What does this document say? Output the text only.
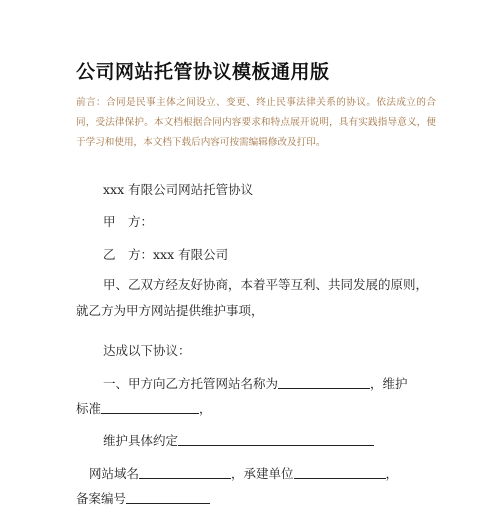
公司网站托管协议模板通用版
前言：合同是民事主体之间设立、变更、终止民事法律关系的协议。依法成立的合同，受法律保护。本文档根据合同内容要求和特点展开说明，具有实践指导意义，便于学习和使用，本文档下载后内容可按需编辑修改及打印。
xxx 有限公司网站托管协议
甲　方：
乙　方：xxx 有限公司
甲、乙双方经友好协商，本着平等互利、共同发展的原则，就乙方为甲方网站提供维护事项，
达成以下协议：
一、甲方向乙方托管网站名称为	，维护
标准	，
维护具体约定
网站域名	，承建单位	，
备案编号
